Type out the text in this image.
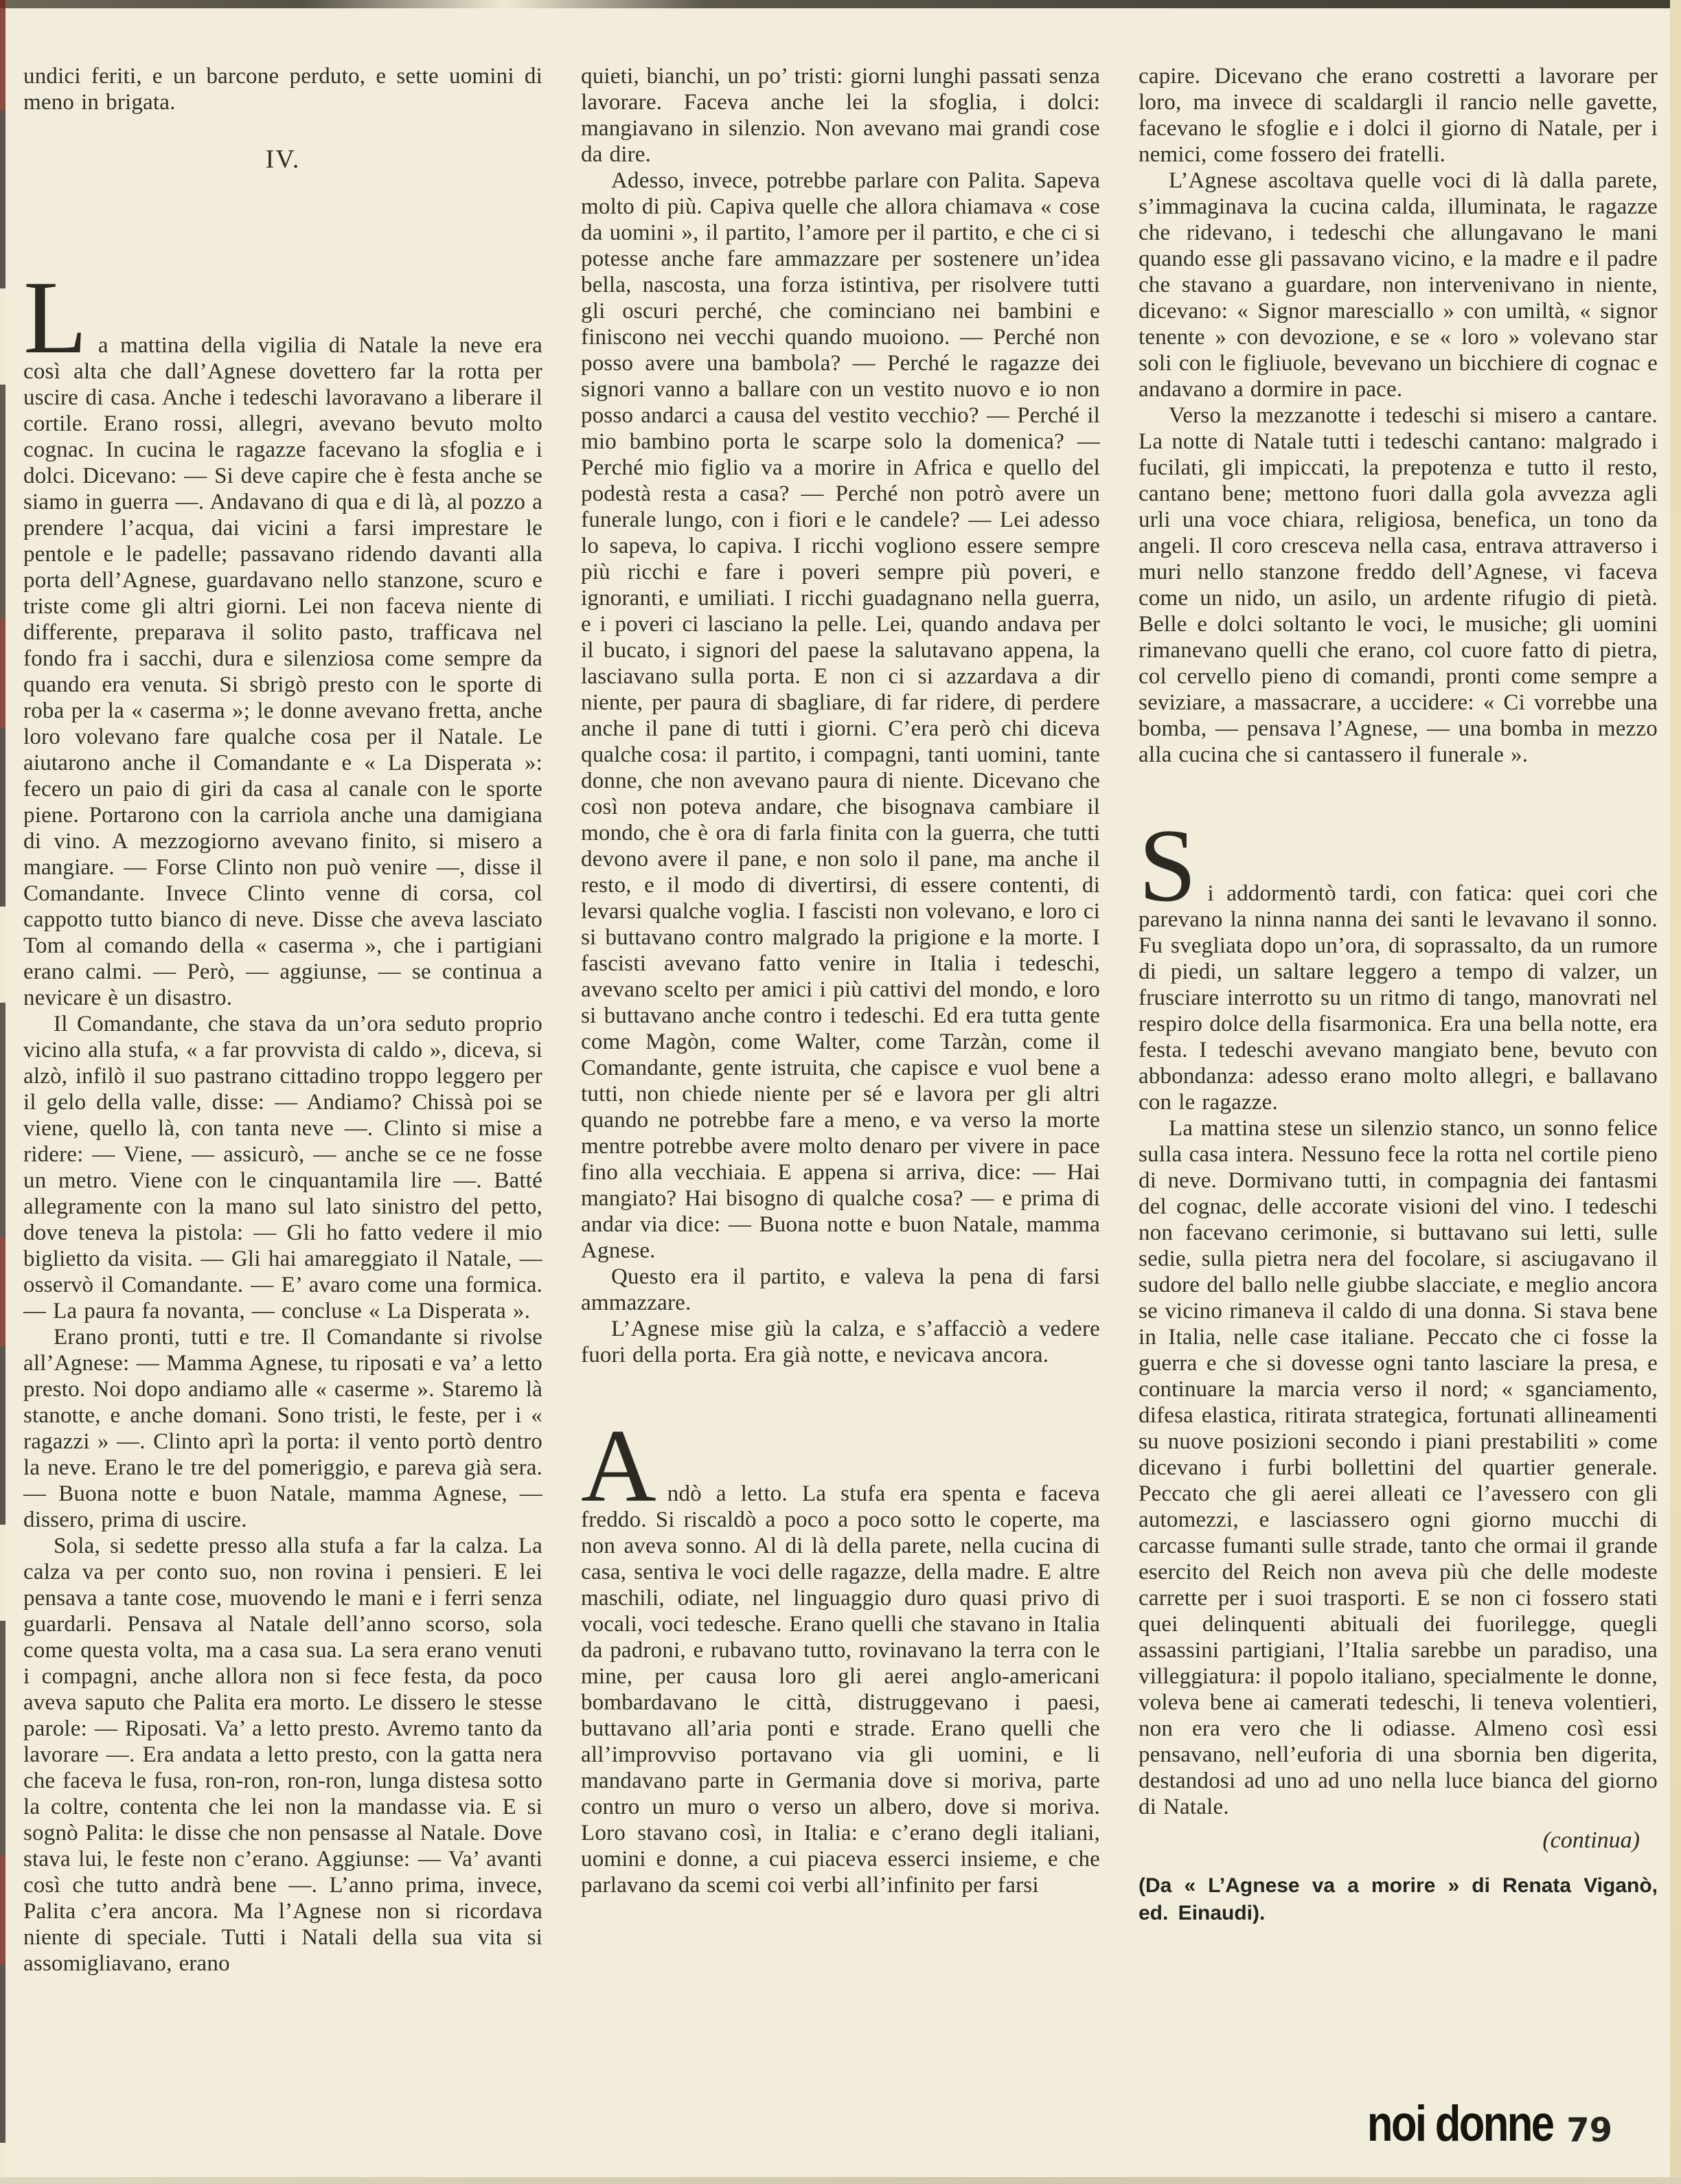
undici feriti, e un barcone perduto, e sette uomini di meno in brigata.

IV.

La mattina della vigilia di Natale la neve era così alta che dall’Agnese dovettero far la rotta per uscire di casa. Anche i tedeschi lavoravano a liberare il cortile. Erano rossi, allegri, avevano bevuto molto cognac. In cucina le ragazze facevano la sfoglia e i dolci. Dicevano: — Si deve capire che è festa anche se siamo in guerra —. Andavano di qua e di là, al pozzo a prendere l’acqua, dai vicini a farsi imprestare le pentole e le padelle; passavano ridendo davanti alla porta dell’Agnese, guardavano nello stanzone, scuro e triste come gli altri giorni. Lei non faceva niente di differente, preparava il solito pasto, trafficava nel fondo fra i sacchi, dura e silenziosa come sempre da quando era venuta. Si sbrigò presto con le sporte di roba per la « caserma »; le donne avevano fretta, anche loro volevano fare qualche cosa per il Natale. Le aiutarono anche il Comandante e « La Disperata »: fecero un paio di giri da casa al canale con le sporte piene. Portarono con la carriola anche una damigiana di vino. A mezzogiorno avevano finito, si misero a mangiare. — Forse Clinto non può venire —, disse il Comandante. Invece Clinto venne di corsa, col cappotto tutto bianco di neve. Disse che aveva lasciato Tom al comando della « caserma », che i partigiani erano calmi. — Però, — aggiunse, — se continua a nevicare è un disastro.

Il Comandante, che stava da un’ora seduto proprio vicino alla stufa, « a far provvista di caldo », diceva, si alzò, infilò il suo pastrano cittadino troppo leggero per il gelo della valle, disse: — Andiamo? Chissà poi se viene, quello là, con tanta neve —. Clinto si mise a ridere: — Viene, — assicurò, — anche se ce ne fosse un metro. Viene con le cinquantamila lire —. Batté allegramente con la mano sul lato sinistro del petto, dove teneva la pistola: — Gli ho fatto vedere il mio biglietto da visita. — Gli hai amareggiato il Natale, — osservò il Comandante. — E’ avaro come una formica. — La paura fa novanta, — concluse « La Disperata ».

Erano pronti, tutti e tre. Il Comandante si rivolse all’Agnese: — Mamma Agnese, tu riposati e va’ a letto presto. Noi dopo andiamo alle « caserme ». Staremo là stanotte, e anche domani. Sono tristi, le feste, per i « ragazzi » —. Clinto aprì la porta: il vento portò dentro la neve. Erano le tre del pomeriggio, e pareva già sera. — Buona notte e buon Natale, mamma Agnese, — dissero, prima di uscire.

Sola, si sedette presso alla stufa a far la calza. La calza va per conto suo, non rovina i pensieri. E lei pensava a tante cose, muovendo le mani e i ferri senza guardarli. Pensava al Natale dell’anno scorso, sola come questa volta, ma a casa sua. La sera erano venuti i compagni, anche allora non si fece festa, da poco aveva saputo che Palita era morto. Le dissero le stesse parole: — Riposati. Va’ a letto presto. Avremo tanto da lavorare —. Era andata a letto presto, con la gatta nera che faceva le fusa, ron-ron, ron-ron, lunga distesa sotto la coltre, contenta che lei non la mandasse via. E si sognò Palita: le disse che non pensasse al Natale. Dove stava lui, le feste non c’erano. Aggiunse: — Va’ avanti così che tutto andrà bene —. L’anno prima, invece, Palita c’era ancora. Ma l’Agnese non si ricordava niente di speciale. Tutti i Natali della sua vita si assomigliavano, erano

quieti, bianchi, un po’ tristi: giorni lunghi passati senza lavorare. Faceva anche lei la sfoglia, i dolci: mangiavano in silenzio. Non avevano mai grandi cose da dire.

Adesso, invece, potrebbe parlare con Palita. Sapeva molto di più. Capiva quelle che allora chiamava « cose da uomini », il partito, l’amore per il partito, e che ci si potesse anche fare ammazzare per sostenere un’idea bella, nascosta, una forza istintiva, per risolvere tutti gli oscuri perché, che cominciano nei bambini e finiscono nei vecchi quando muoiono. — Perché non posso avere una bambola? — Perché le ragazze dei signori vanno a ballare con un vestito nuovo e io non posso andarci a causa del vestito vecchio? — Perché il mio bambino porta le scarpe solo la domenica? — Perché mio figlio va a morire in Africa e quello del podestà resta a casa? — Perché non potrò avere un funerale lungo, con i fiori e le candele? — Lei adesso lo sapeva, lo capiva. I ricchi vogliono essere sempre più ricchi e fare i poveri sempre più poveri, e ignoranti, e umiliati. I ricchi guadagnano nella guerra, e i poveri ci lasciano la pelle. Lei, quando andava per il bucato, i signori del paese la salutavano appena, la lasciavano sulla porta. E non ci si azzardava a dir niente, per paura di sbagliare, di far ridere, di perdere anche il pane di tutti i giorni. C’era però chi diceva qualche cosa: il partito, i compagni, tanti uomini, tante donne, che non avevano paura di niente. Dicevano che così non poteva andare, che bisognava cambiare il mondo, che è ora di farla finita con la guerra, che tutti devono avere il pane, e non solo il pane, ma anche il resto, e il modo di divertirsi, di essere contenti, di levarsi qualche voglia. I fascisti non volevano, e loro ci si buttavano contro malgrado la prigione e la morte. I fascisti avevano fatto venire in Italia i tedeschi, avevano scelto per amici i più cattivi del mondo, e loro si buttavano anche contro i tedeschi. Ed era tutta gente come Magòn, come Walter, come Tarzàn, come il Comandante, gente istruita, che capisce e vuol bene a tutti, non chiede niente per sé e lavora per gli altri quando ne potrebbe fare a meno, e va verso la morte mentre potrebbe avere molto denaro per vivere in pace fino alla vecchiaia. E appena si arriva, dice: — Hai mangiato? Hai bisogno di qualche cosa? — e prima di andar via dice: — Buona notte e buon Natale, mamma Agnese.

Questo era il partito, e valeva la pena di farsi ammazzare.

L’Agnese mise giù la calza, e s’affacciò a vedere fuori della porta. Era già notte, e nevicava ancora.

Andò a letto. La stufa era spenta e faceva freddo. Si riscaldò a poco a poco sotto le coperte, ma non aveva sonno. Al di là della parete, nella cucina di casa, sentiva le voci delle ragazze, della madre. E altre maschili, odiate, nel linguaggio duro quasi privo di vocali, voci tedesche. Erano quelli che stavano in Italia da padroni, e rubavano tutto, rovinavano la terra con le mine, per causa loro gli aerei anglo-americani bombardavano le città, distruggevano i paesi, buttavano all’aria ponti e strade. Erano quelli che all’improvviso portavano via gli uomini, e li mandavano parte in Germania dove si moriva, parte contro un muro o verso un albero, dove si moriva. Loro stavano così, in Italia: e c’erano degli italiani, uomini e donne, a cui piaceva esserci insieme, e che parlavano da scemi coi verbi all’infinito per farsi

capire. Dicevano che erano costretti a lavorare per loro, ma invece di scaldargli il rancio nelle gavette, facevano le sfoglie e i dolci il giorno di Natale, per i nemici, come fossero dei fratelli.

L’Agnese ascoltava quelle voci di là dalla parete, s’immaginava la cucina calda, illuminata, le ragazze che ridevano, i tedeschi che allungavano le mani quando esse gli passavano vicino, e la madre e il padre che stavano a guardare, non intervenivano in niente, dicevano: « Signor maresciallo » con umiltà, « signor tenente » con devozione, e se « loro » volevano star soli con le figliuole, bevevano un bicchiere di cognac e andavano a dormire in pace.

Verso la mezzanotte i tedeschi si misero a cantare. La notte di Natale tutti i tedeschi cantano: malgrado i fucilati, gli impiccati, la prepotenza e tutto il resto, cantano bene; mettono fuori dalla gola avvezza agli urli una voce chiara, religiosa, benefica, un tono da angeli. Il coro cresceva nella casa, entrava attraverso i muri nello stanzone freddo dell’Agnese, vi faceva come un nido, un asilo, un ardente rifugio di pietà. Belle e dolci soltanto le voci, le musiche; gli uomini rimanevano quelli che erano, col cuore fatto di pietra, col cervello pieno di comandi, pronti come sempre a seviziare, a massacrare, a uccidere: « Ci vorrebbe una bomba, — pensava l’Agnese, — una bomba in mezzo alla cucina che si cantassero il funerale ».

Si addormentò tardi, con fatica: quei cori che parevano la ninna nanna dei santi le levavano il sonno. Fu svegliata dopo un’ora, di soprassalto, da un rumore di piedi, un saltare leggero a tempo di valzer, un frusciare interrotto su un ritmo di tango, manovrati nel respiro dolce della fisarmonica. Era una bella notte, era festa. I tedeschi avevano mangiato bene, bevuto con abbondanza: adesso erano molto allegri, e ballavano con le ragazze.

La mattina stese un silenzio stanco, un sonno felice sulla casa intera. Nessuno fece la rotta nel cortile pieno di neve. Dormivano tutti, in compagnia dei fantasmi del cognac, delle accorate visioni del vino. I tedeschi non facevano cerimonie, si buttavano sui letti, sulle sedie, sulla pietra nera del focolare, si asciugavano il sudore del ballo nelle giubbe slacciate, e meglio ancora se vicino rimaneva il caldo di una donna. Si stava bene in Italia, nelle case italiane. Peccato che ci fosse la guerra e che si dovesse ogni tanto lasciare la presa, e continuare la marcia verso il nord; « sganciamento, difesa elastica, ritirata strategica, fortunati allineamenti su nuove posizioni secondo i piani prestabiliti » come dicevano i furbi bollettini del quartier generale. Peccato che gli aerei alleati ce l’avessero con gli automezzi, e lasciassero ogni giorno mucchi di carcasse fumanti sulle strade, tanto che ormai il grande esercito del Reich non aveva più che delle modeste carrette per i suoi trasporti. E se non ci fossero stati quei delinquenti abituali dei fuorilegge, quegli assassini partigiani, l’Italia sarebbe un paradiso, una villeggiatura: il popolo italiano, specialmente le donne, voleva bene ai camerati tedeschi, li teneva volentieri, non era vero che li odiasse. Almeno così essi pensavano, nell’euforia di una sbornia ben digerita, destandosi ad uno ad uno nella luce bianca del giorno di Natale.

(continua)

(Da « L’Agnese va a morire » di Renata Viganò, ed. Einaudi).

noi donne 79
